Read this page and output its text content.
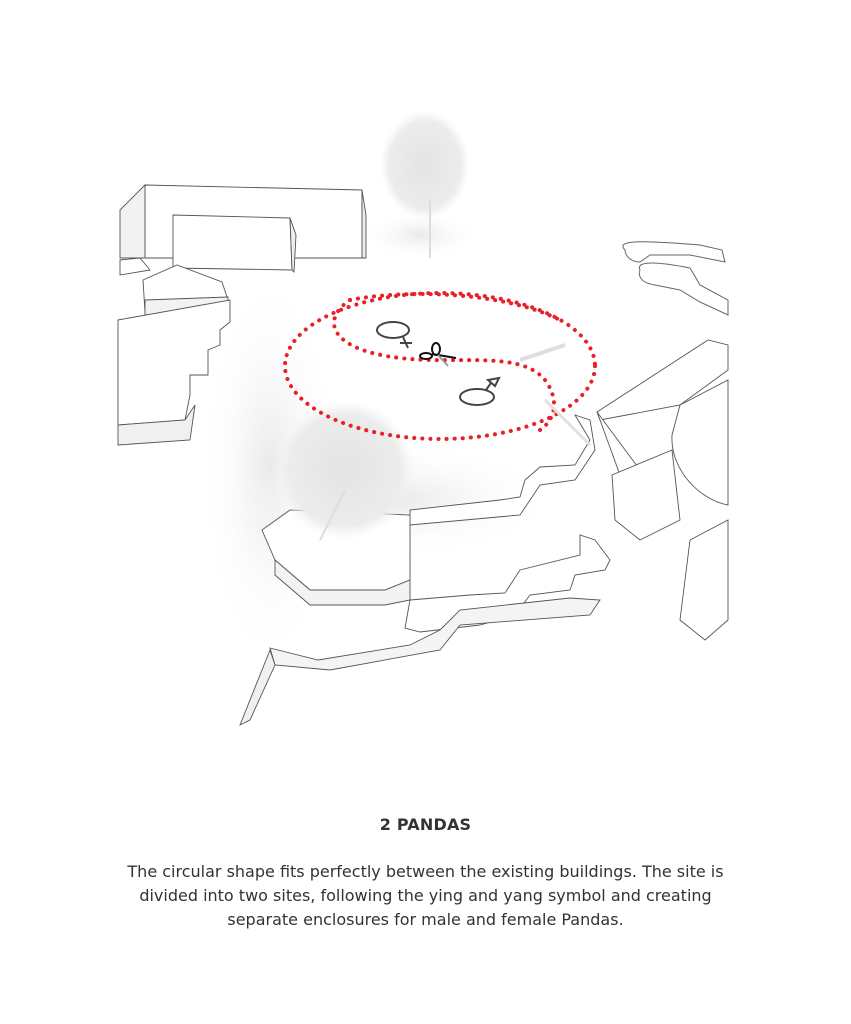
2 PANDAS
The circular shape fits perfectly between the existing buildings. The site is divided into two sites, following the ying and yang symbol and creating separate enclosures for male and female Pandas.
